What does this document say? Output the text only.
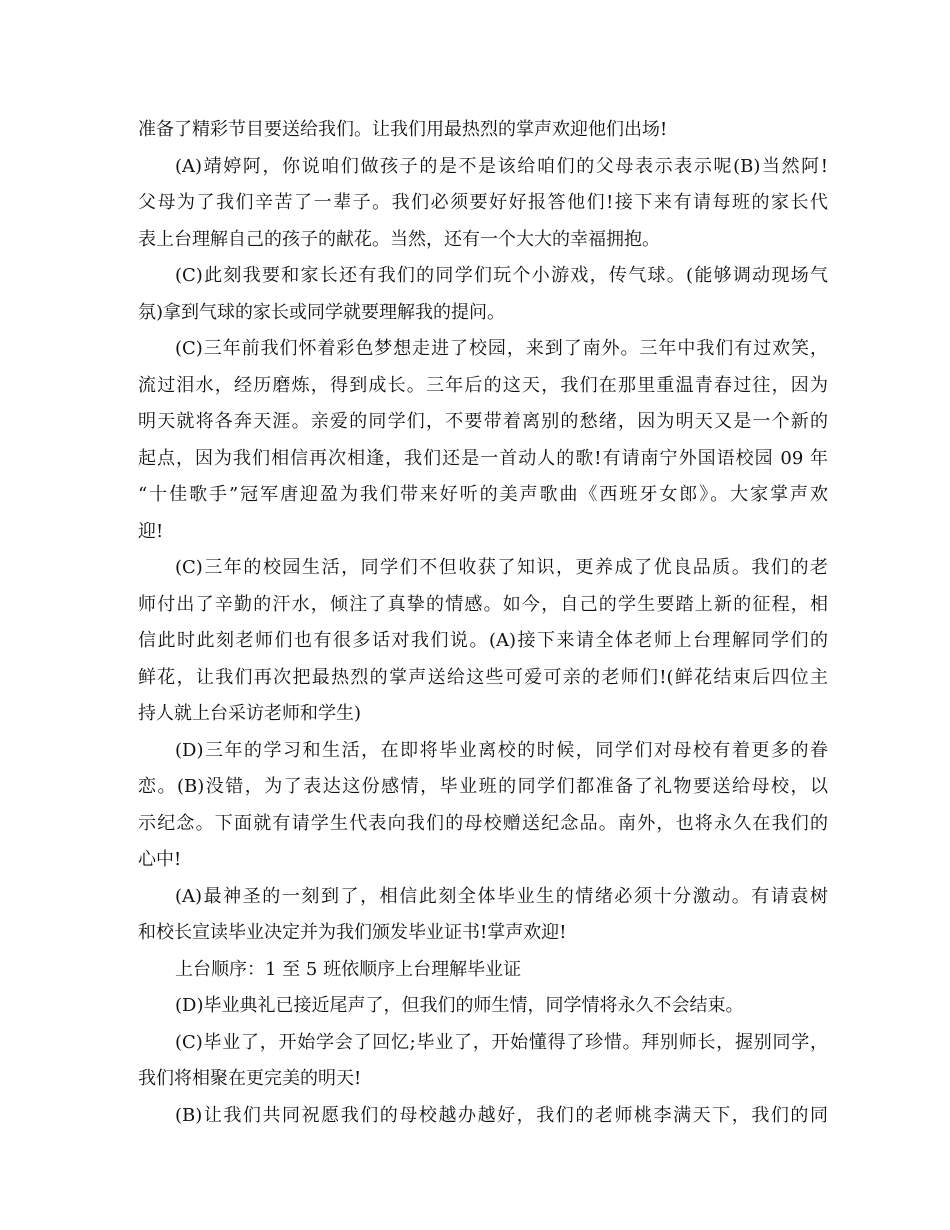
准备了精彩节目要送给我们。让我们用最热烈的掌声欢迎他们出场!
(A)靖婷阿，你说咱们做孩子的是不是该给咱们的父母表示表示呢(B)当然阿!
父母为了我们辛苦了一辈子。我们必须要好好报答他们!接下来有请每班的家长代
表上台理解自己的孩子的献花。当然，还有一个大大的幸福拥抱。
(C)此刻我要和家长还有我们的同学们玩个小游戏，传气球。(能够调动现场气
氛)拿到气球的家长或同学就要理解我的提问。
(C)三年前我们怀着彩色梦想走进了校园，来到了南外。三年中我们有过欢笑，
流过泪水，经历磨炼，得到成长。三年后的这天，我们在那里重温青春过往，因为
明天就将各奔天涯。亲爱的同学们，不要带着离别的愁绪，因为明天又是一个新的
起点，因为我们相信再次相逢，我们还是一首动人的歌!有请南宁外国语校园 09 年
“十佳歌手”冠军唐迎盈为我们带来好听的美声歌曲《西班牙女郎》。大家掌声欢
迎!
(C)三年的校园生活，同学们不但收获了知识，更养成了优良品质。我们的老
师付出了辛勤的汗水，倾注了真挚的情感。如今，自己的学生要踏上新的征程，相
信此时此刻老师们也有很多话对我们说。(A)接下来请全体老师上台理解同学们的
鲜花，让我们再次把最热烈的掌声送给这些可爱可亲的老师们!(鲜花结束后四位主
持人就上台采访老师和学生)
(D)三年的学习和生活，在即将毕业离校的时候，同学们对母校有着更多的眷
恋。(B)没错，为了表达这份感情，毕业班的同学们都准备了礼物要送给母校，以
示纪念。下面就有请学生代表向我们的母校赠送纪念品。南外，也将永久在我们的
心中!
(A)最神圣的一刻到了，相信此刻全体毕业生的情绪必须十分激动。有请袁树
和校长宣读毕业决定并为我们颁发毕业证书!掌声欢迎!
上台顺序：1 至 5 班依顺序上台理解毕业证
(D)毕业典礼已接近尾声了，但我们的师生情，同学情将永久不会结束。
(C)毕业了，开始学会了回忆;毕业了，开始懂得了珍惜。拜别师长，握别同学，
我们将相聚在更完美的明天!
(B)让我们共同祝愿我们的母校越办越好，我们的老师桃李满天下，我们的同
